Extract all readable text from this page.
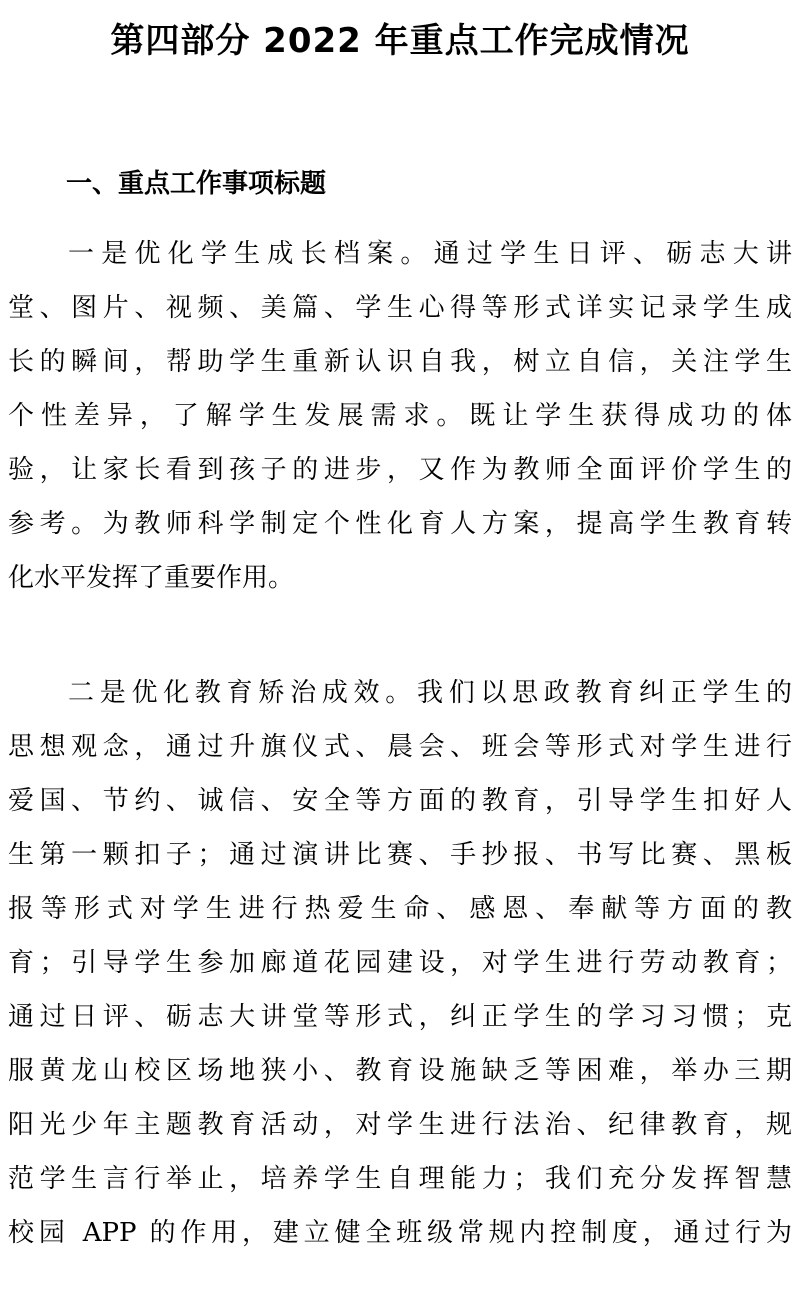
第四部分 2022 年重点工作完成情况
一、重点工作事项标题
一是优化学生成长档案。通过学生日评、砺志大讲
堂、图片、视频、美篇、学生心得等形式详实记录学生成
长的瞬间，帮助学生重新认识自我，树立自信，关注学生
个性差异，了解学生发展需求。既让学生获得成功的体
验，让家长看到孩子的进步，又作为教师全面评价学生的
参考。为教师科学制定个性化育人方案，提高学生教育转
化水平发挥了重要作用。
二是优化教育矫治成效。我们以思政教育纠正学生的
思想观念，通过升旗仪式、晨会、班会等形式对学生进行
爱国、节约、诚信、安全等方面的教育，引导学生扣好人
生第一颗扣子；通过演讲比赛、手抄报、书写比赛、黑板
报等形式对学生进行热爱生命、感恩、奉献等方面的教
育；引导学生参加廊道花园建设，对学生进行劳动教育；
通过日评、砺志大讲堂等形式，纠正学生的学习习惯；克
服黄龙山校区场地狭小、教育设施缺乏等困难，举办三期
阳光少年主题教育活动，对学生进行法治、纪律教育，规
范学生言行举止，培养学生自理能力；我们充分发挥智慧
校园 APP 的作用，建立健全班级常规内控制度，通过行为
